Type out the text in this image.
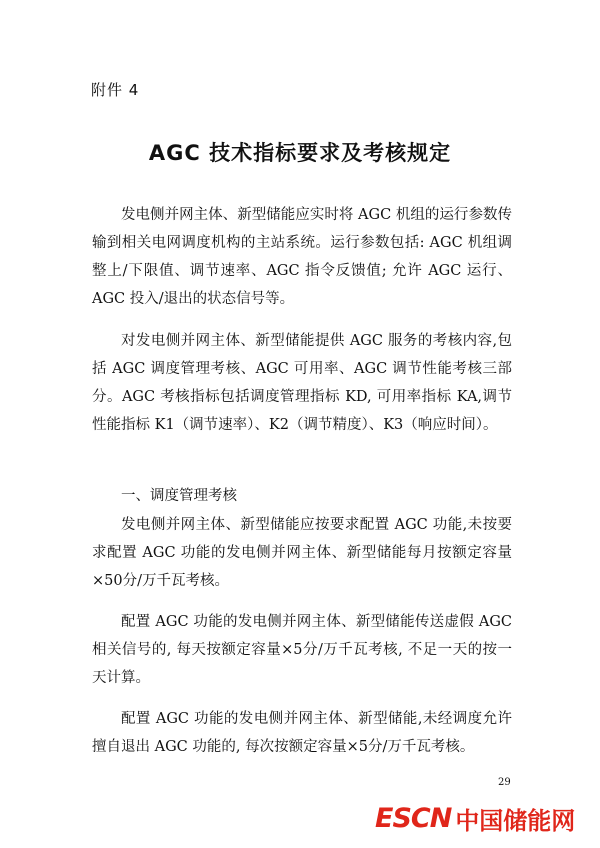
附件 4
AGC 技术指标要求及考核规定

发电侧并网主体、新型储能应实时将 AGC 机组的运行参数传输到相关电网调度机构的主站系统。运行参数包括: AGC 机组调整上/下限值、调节速率、AGC 指令反馈值; 允许 AGC 运行、AGC 投入/退出的状态信号等。

对发电侧并网主体、新型储能提供 AGC 服务的考核内容,包括 AGC 调度管理考核、AGC 可用率、AGC 调节性能考核三部分。AGC 考核指标包括调度管理指标 KD, 可用率指标 KA,调节性能指标 K1（调节速率）、K2（调节精度）、K3（响应时间）。

一、调度管理考核

发电侧并网主体、新型储能应按要求配置 AGC 功能,未按要求配置 AGC 功能的发电侧并网主体、新型储能每月按额定容量×50分/万千瓦考核。

配置 AGC 功能的发电侧并网主体、新型储能传送虚假 AGC 相关信号的, 每天按额定容量×5分/万千瓦考核, 不足一天的按一天计算。

配置 AGC 功能的发电侧并网主体、新型储能,未经调度允许擅自退出 AGC 功能的, 每次按额定容量×5分/万千瓦考核。

29
ESCN 中国储能网
